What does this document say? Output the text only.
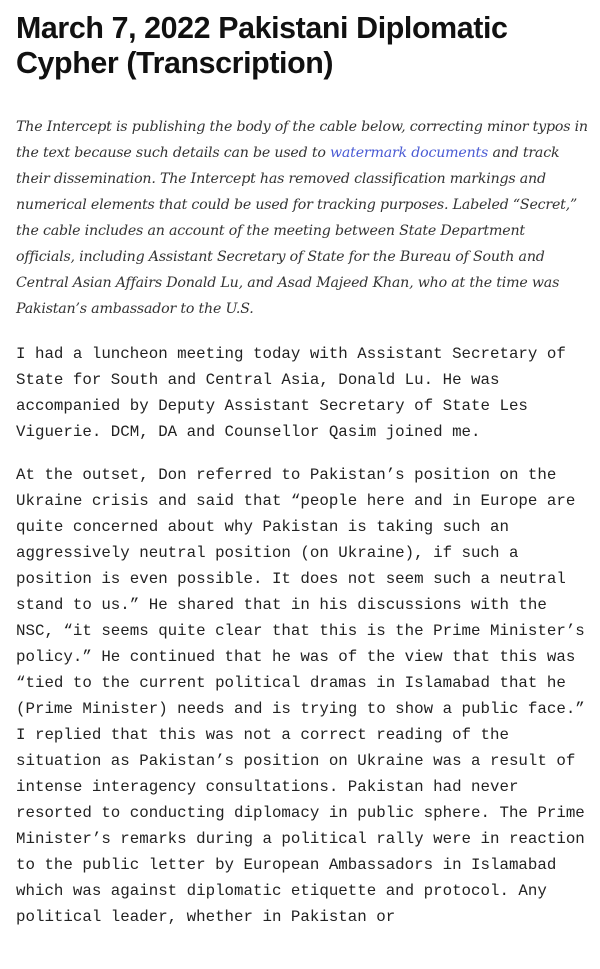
March 7, 2022 Pakistani Diplomatic Cypher (Transcription)

The Intercept is publishing the body of the cable below, correcting minor typos in the text because such details can be used to watermark documents and track their dissemination. The Intercept has removed classification markings and numerical elements that could be used for tracking purposes. Labeled “Secret,” the cable includes an account of the meeting between State Department officials, including Assistant Secretary of State for the Bureau of South and Central Asian Affairs Donald Lu, and Asad Majeed Khan, who at the time was Pakistan’s ambassador to the U.S.

I had a luncheon meeting today with Assistant Secretary of State for South and Central Asia, Donald Lu. He was accompanied by Deputy Assistant Secretary of State Les Viguerie. DCM, DA and Counsellor Qasim joined me.

At the outset, Don referred to Pakistan’s position on the Ukraine crisis and said that “people here and in Europe are quite concerned about why Pakistan is taking such an aggressively neutral position (on Ukraine), if such a position is even possible. It does not seem such a neutral stand to us.” He shared that in his discussions with the NSC, “it seems quite clear that this is the Prime Minister’s policy.” He continued that he was of the view that this was “tied to the current political dramas in Islamabad that he (Prime Minister) needs and is trying to show a public face.” I replied that this was not a correct reading of the situation as Pakistan’s position on Ukraine was a result of intense interagency consultations. Pakistan had never resorted to conducting diplomacy in public sphere. The Prime Minister’s remarks during a political rally were in reaction to the public letter by European Ambassadors in Islamabad which was against diplomatic etiquette and protocol. Any political leader, whether in Pakistan or
